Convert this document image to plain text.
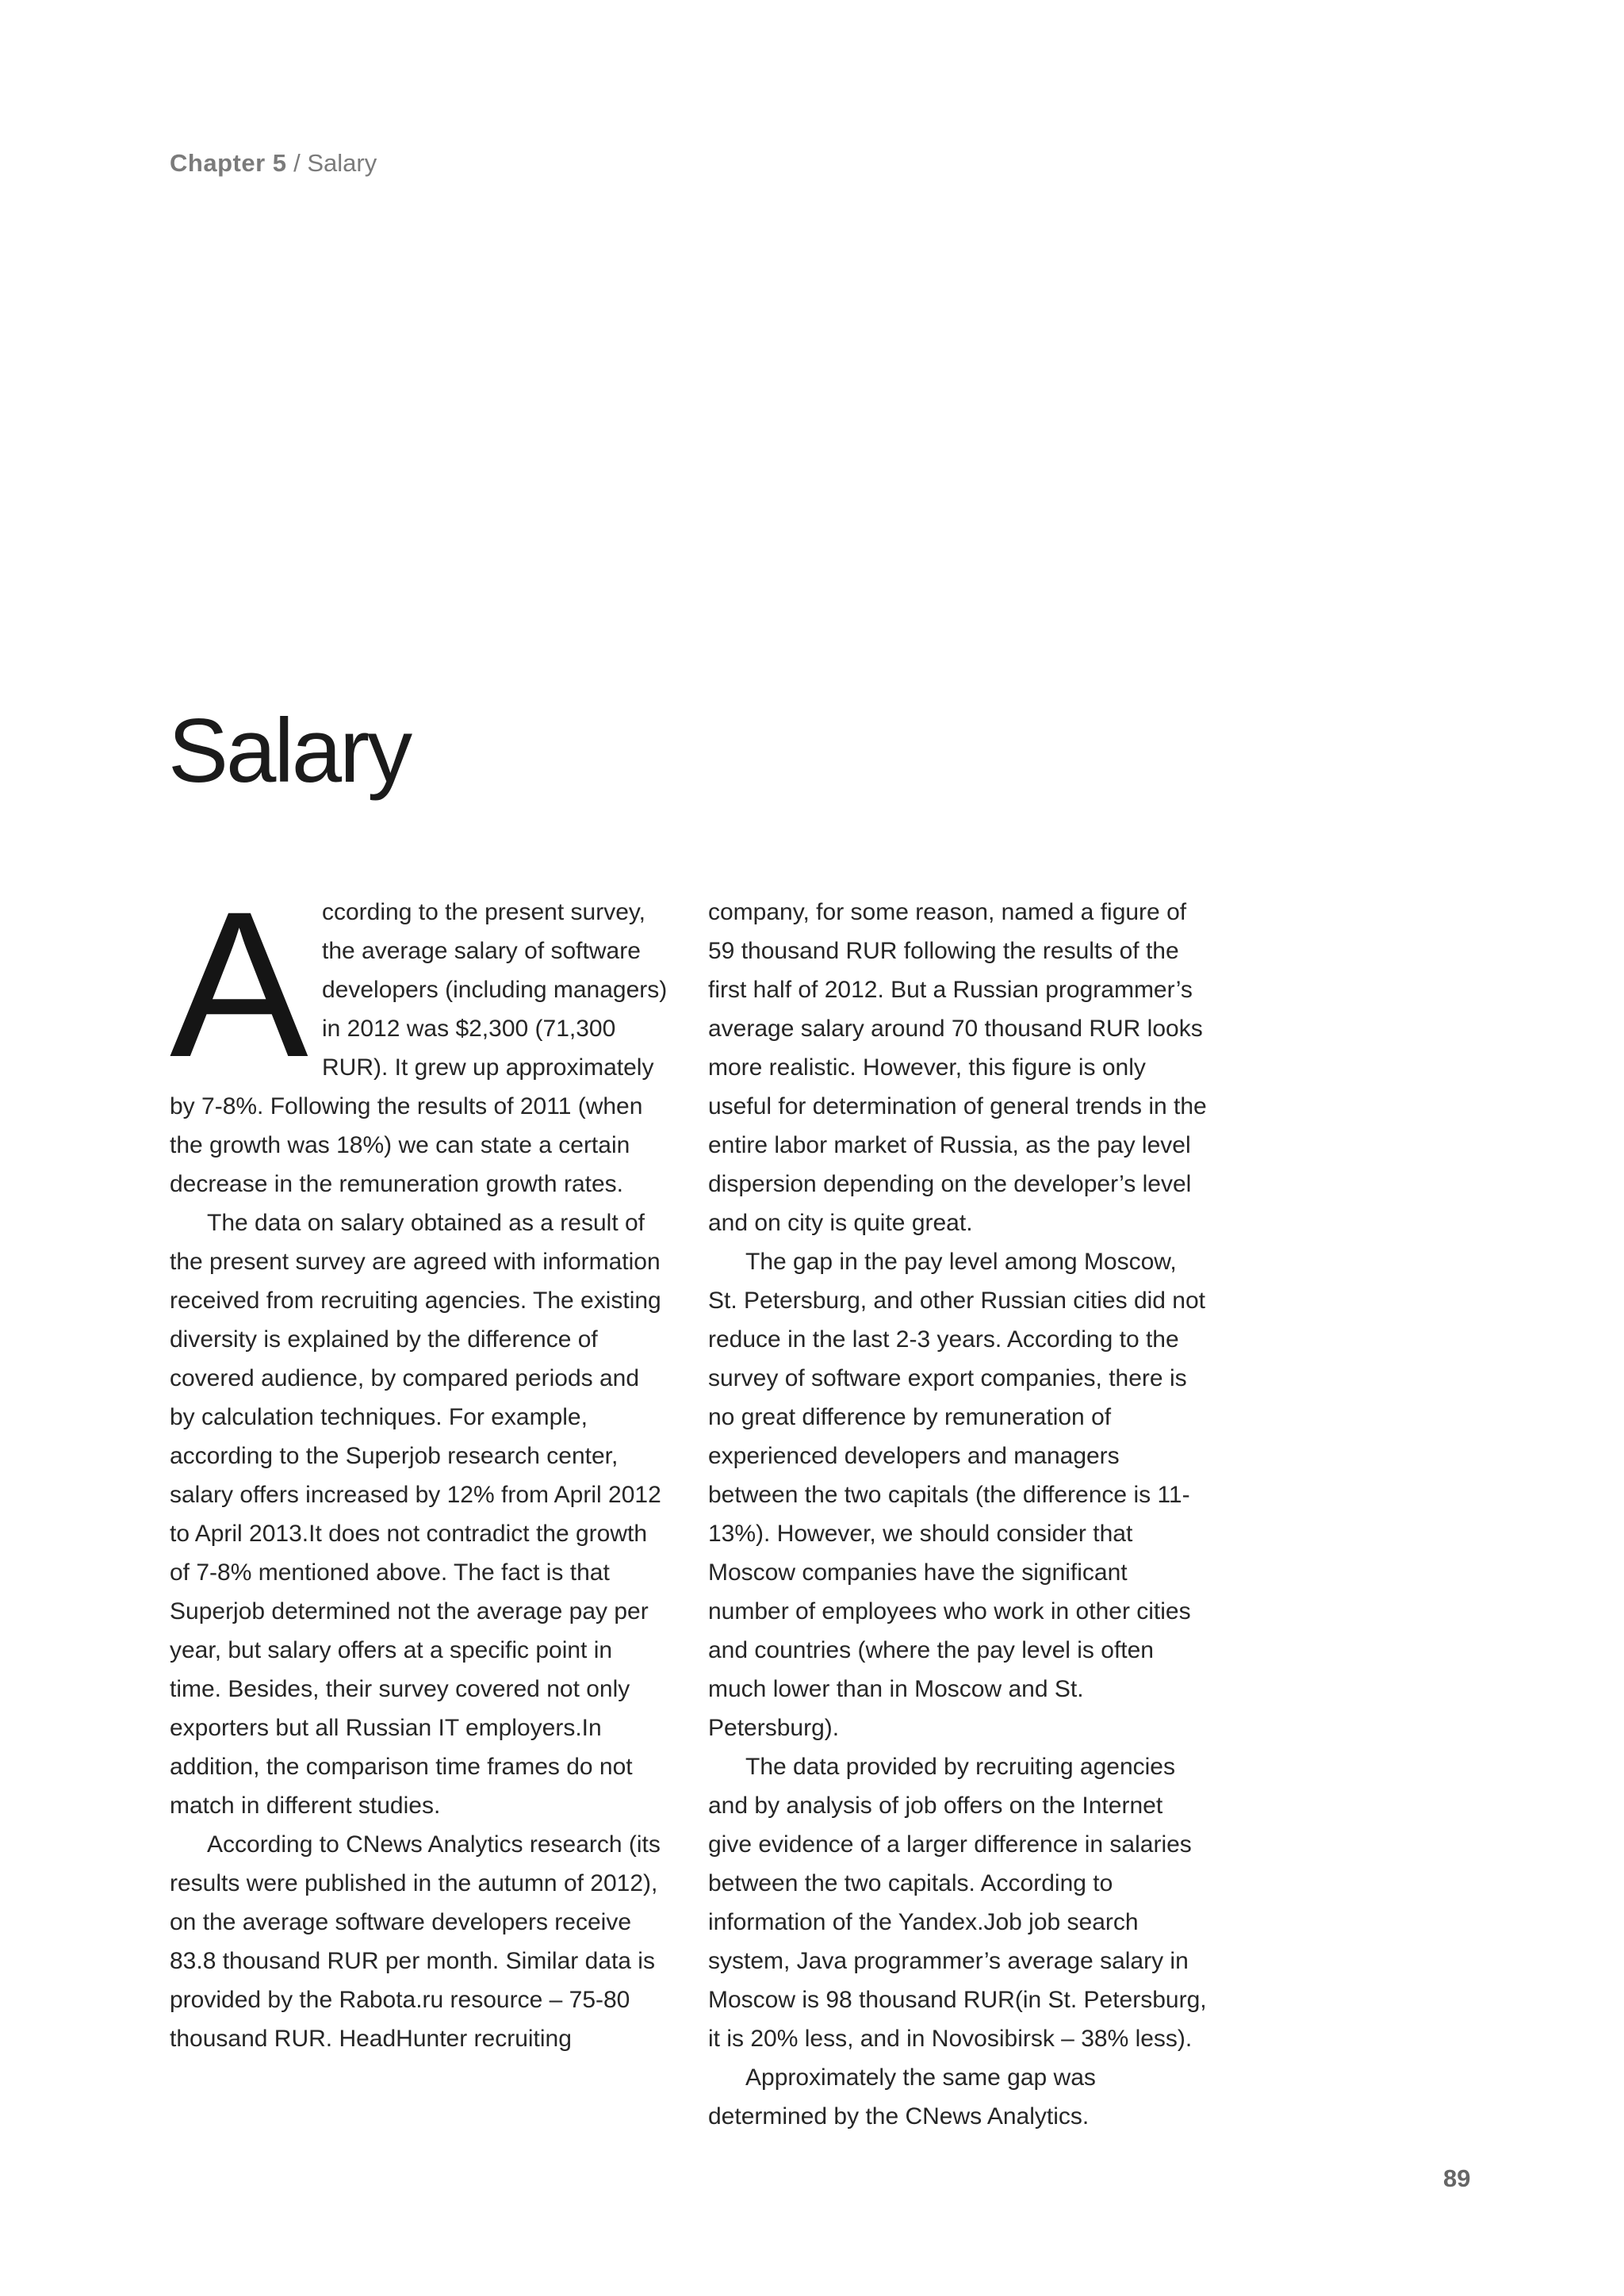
Chapter 5 / Salary
Salary

According to the present survey, the average salary of software developers (including managers) in 2012 was $2,300 (71,300 RUR). It grew up approximately by 7-8%. Following the results of 2011 (when the growth was 18%) we can state a certain decrease in the remuneration growth rates.

The data on salary obtained as a result of the present survey are agreed with information received from recruiting agencies. The existing diversity is explained by the difference of covered audience, by compared periods and by calculation techniques. For example, according to the Superjob research center, salary offers increased by 12% from April 2012 to April 2013.It does not contradict the growth of 7-8% mentioned above. The fact is that Superjob determined not the average pay per year, but salary offers at a specific point in time. Besides, their survey covered not only exporters but all Russian IT employers.In addition, the comparison time frames do not match in different studies.

According to CNews Analytics research (its results were published in the autumn of 2012), on the average software developers receive 83.8 thousand RUR per month. Similar data is provided by the Rabota.ru resource – 75-80 thousand RUR. HeadHunter recruiting

company, for some reason, named a figure of 59 thousand RUR following the results of the first half of 2012. But a Russian programmer’s average salary around 70 thousand RUR looks more realistic. However, this figure is only useful for determination of general trends in the entire labor market of Russia, as the pay level dispersion depending on the developer’s level and on city is quite great.

The gap in the pay level among Moscow, St. Petersburg, and other Russian cities did not reduce in the last 2-3 years. According to the survey of software export companies, there is no great difference by remuneration of experienced developers and managers between the two capitals (the difference is 11-13%). However, we should consider that Moscow companies have the significant number of employees who work in other cities and countries (where the pay level is often much lower than in Moscow and St. Petersburg).

The data provided by recruiting agencies and by analysis of job offers on the Internet give evidence of a larger difference in salaries between the two capitals. According to information of the Yandex.Job job search system, Java programmer’s average salary in Moscow is 98 thousand RUR(in St. Petersburg, it is 20% less, and in Novosibirsk – 38% less).

Approximately the same gap was determined by the CNews Analytics.

89
